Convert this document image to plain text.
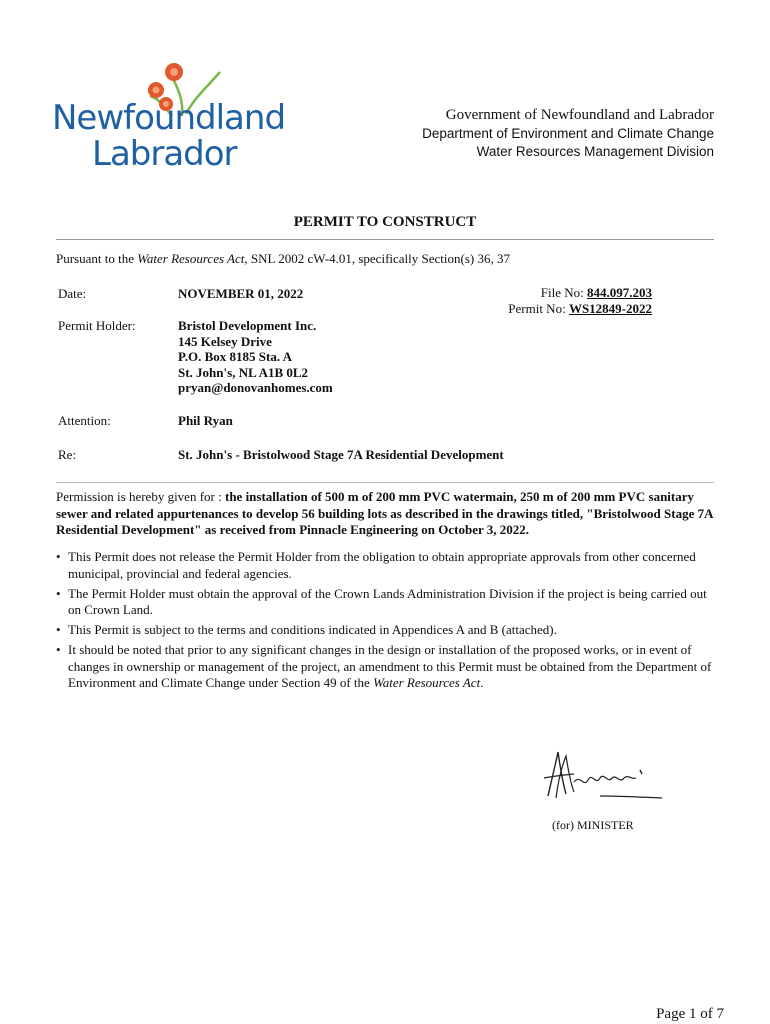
Newfoundland
Labrador
Government of Newfoundland and Labrador
Department of Environment and Climate Change
Water Resources Management Division
PERMIT TO CONSTRUCT
Pursuant to the Water Resources Act, SNL 2002 cW-4.01, specifically Section(s) 36, 37
Date:	NOVEMBER 01, 2022	File No: 844.097.203
Permit No: WS12849-2022
Permit Holder:	Bristol Development Inc.
145 Kelsey Drive
P.O. Box 8185 Sta. A
St. John's, NL A1B 0L2
pryan@donovanhomes.com
Attention:	Phil Ryan
Re:	St. John's - Bristolwood Stage 7A Residential Development
Permission is hereby given for : the installation of 500 m of 200 mm PVC watermain, 250 m of 200 mm PVC sanitary sewer and related appurtenances to develop 56 building lots as described in the drawings titled, "Bristolwood Stage 7A Residential Development" as received from Pinnacle Engineering on October 3, 2022.
• This Permit does not release the Permit Holder from the obligation to obtain appropriate approvals from other concerned municipal, provincial and federal agencies.
• The Permit Holder must obtain the approval of the Crown Lands Administration Division if the project is being carried out on Crown Land.
• This Permit is subject to the terms and conditions indicated in Appendices A and B (attached).
• It should be noted that prior to any significant changes in the design or installation of the proposed works, or in event of changes in ownership or management of the project, an amendment to this Permit must be obtained from the Department of Environment and Climate Change under Section 49 of the Water Resources Act.
(for) MINISTER
Page 1 of 7
